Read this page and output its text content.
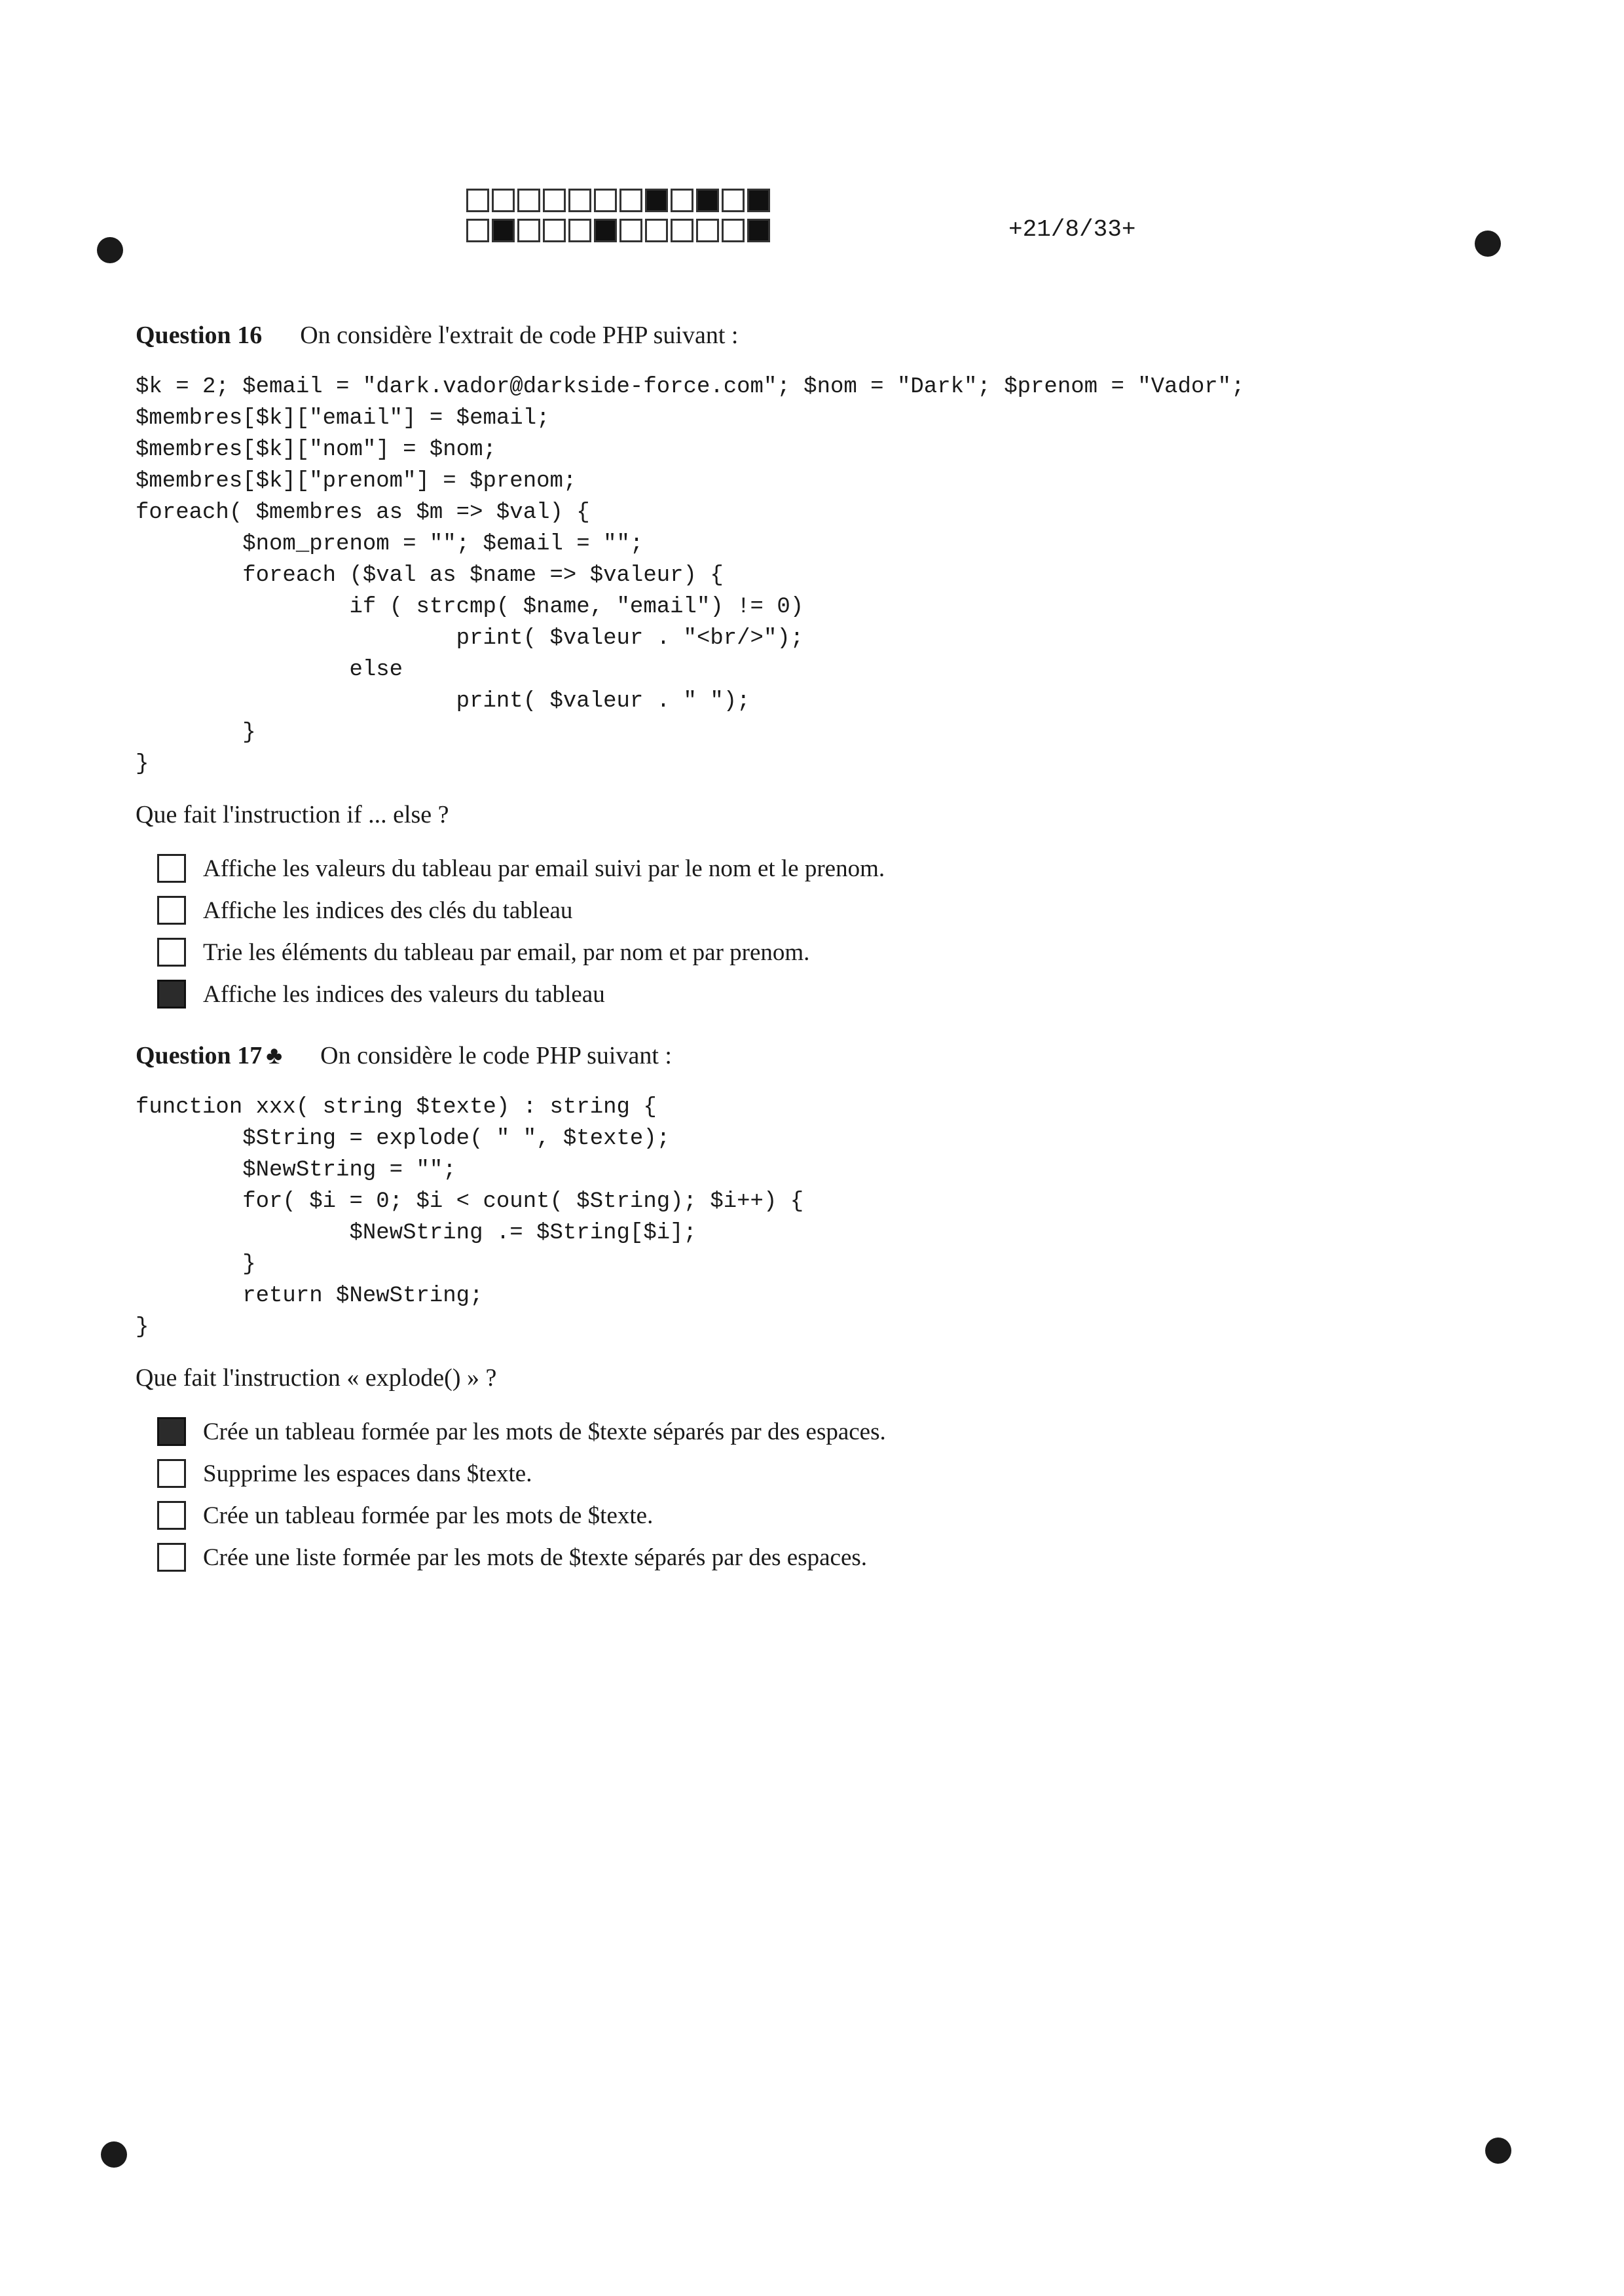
+21/8/33+
Question 16 On considère l'extrait de code PHP suivant :
$k = 2; $email = "dark.vador@darkside-force.com"; $nom = "Dark"; $prenom = "Vador";
$membres[$k]["email"] = $email;
$membres[$k]["nom"] = $nom;
$membres[$k]["prenom"] = $prenom;
foreach( $membres as $m => $val) {
$nom_prenom = ""; $email = "";
foreach ($val as $name => $valeur) {
if ( strcmp( $name, "email") != 0)
print( $valeur . "<br/>");
else
print( $valeur . " ");
}
}
Que fait l'instruction if ... else ?
Affiche les valeurs du tableau par email suivi par le nom et le prenom.
Affiche les indices des clés du tableau
Trie les éléments du tableau par email, par nom et par prenom.
Affiche les indices des valeurs du tableau
Question 17 ♣ On considère le code PHP suivant :
function xxx( string $texte) : string {
$String = explode( " ", $texte);
$NewString = "";
for( $i = 0; $i < count( $String); $i++) {
$NewString .= $String[$i];
}
return $NewString;
}
Que fait l'instruction « explode() » ?
Crée un tableau formée par les mots de $texte séparés par des espaces.
Supprime les espaces dans $texte.
Crée un tableau formée par les mots de $texte.
Crée une liste formée par les mots de $texte séparés par des espaces.
